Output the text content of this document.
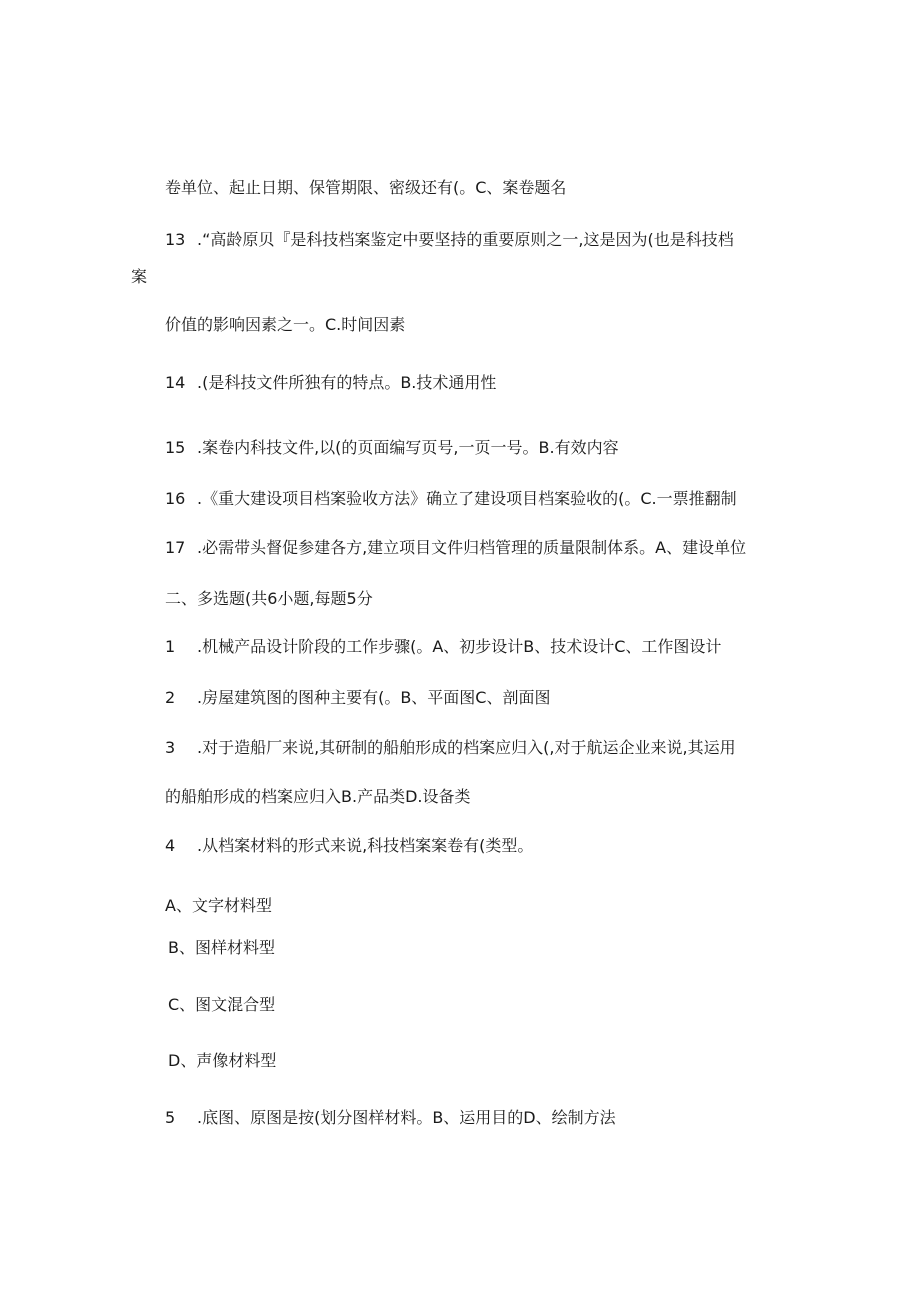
卷单位、起止日期、保管期限、密级还有(。C、案卷题名
13 .“高龄原贝『是科技档案鉴定中要坚持的重要原则之一,这是因为(也是科技档
案
价值的影响因素之一。C.时间因素
14 .(是科技文件所独有的特点。B.技术通用性
15 .案卷内科技文件,以(的页面编写页号,一页一号。B.有效内容
16 .《重大建设项目档案验收方法》确立了建设项目档案验收的(。C.一票推翻制
17 .必需带头督促参建各方,建立项目文件归档管理的质量限制体系。A、建设单位
二、多选题(共6小题,每题5分
1 .机械产品设计阶段的工作步骤(。A、初步设计B、技术设计C、工作图设计
2 .房屋建筑图的图种主要有(。B、平面图C、剖面图
3 .对于造船厂来说,其研制的船舶形成的档案应归入(,对于航运企业来说,其运用
的船舶形成的档案应归入B.产品类D.设备类
4 .从档案材料的形式来说,科技档案案卷有(类型。
A、文字材料型
B、图样材料型
C、图文混合型
D、声像材料型
5 .底图、原图是按(划分图样材料。B、运用目的D、绘制方法
